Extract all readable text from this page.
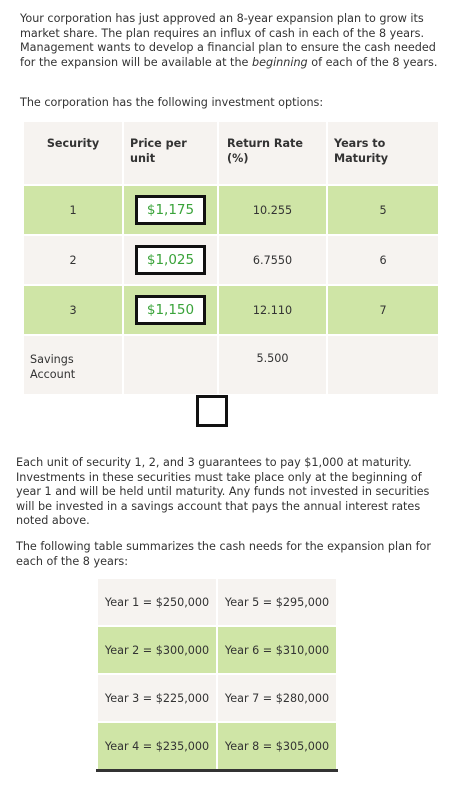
Your corporation has just approved an 8-year expansion plan to grow its market share. The plan requires an influx of cash in each of the 8 years. Management wants to develop a financial plan to ensure the cash needed for the expansion will be available at the beginning of each of the 8 years.
The corporation has the following investment options:
Security	Price per unit	Return Rate (%)	Years to Maturity

1	$1,175	10.255	5
2	$1,025	6.7550	6
3	$1,150	12.110	7

Savings Account		5.500	

Each unit of security 1, 2, and 3 guarantees to pay $1,000 at maturity. Investments in these securities must take place only at the beginning of year 1 and will be held until maturity. Any funds not invested in securities will be invested in a savings account that pays the annual interest rates noted above.
The following table summarizes the cash needs for the expansion plan for each of the 8 years:
Year 1 = $250,000	Year 5 = $295,000
Year 2 = $300,000	Year 6 = $310,000
Year 3 = $225,000	Year 7 = $280,000
Year 4 = $235,000	Year 8 = $305,000
